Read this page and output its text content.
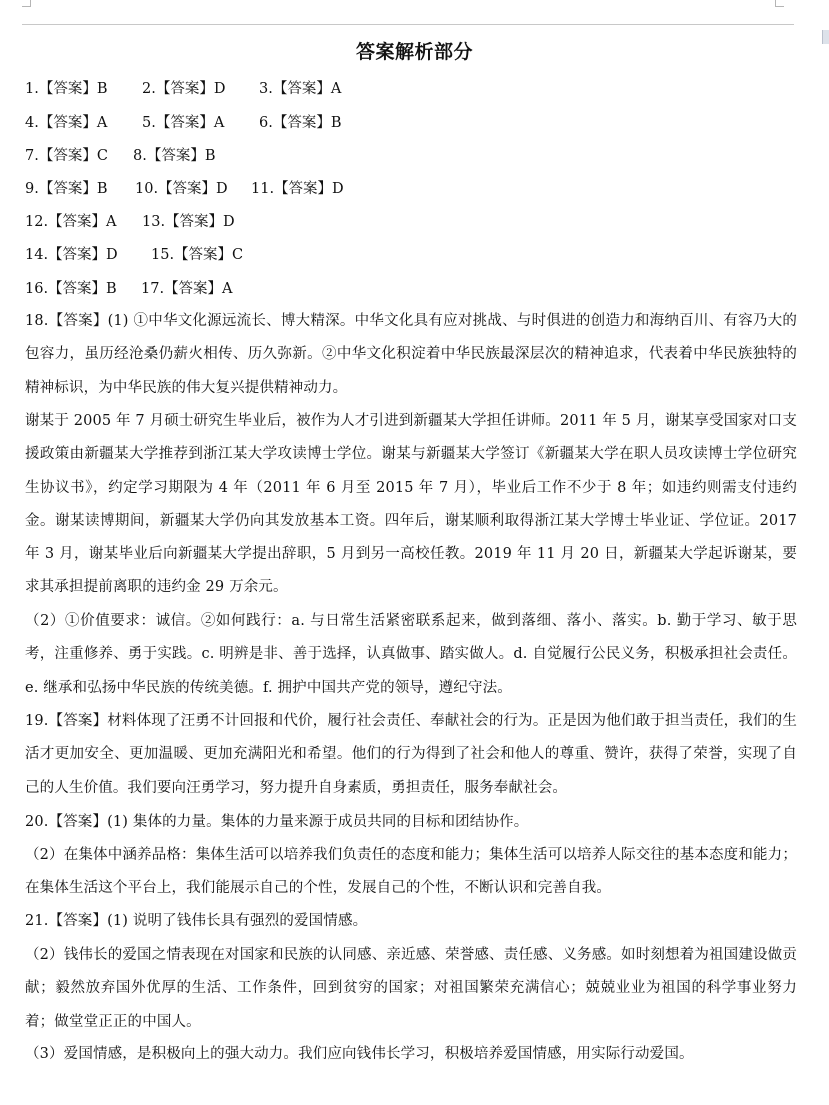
答案解析部分
1.【答案】B 2.【答案】D 3.【答案】A
4.【答案】A 5.【答案】A 6.【答案】B
7.【答案】C 8.【答案】B
9.【答案】B 10.【答案】D 11.【答案】D
12.【答案】A 13.【答案】D
14.【答案】D 15.【答案】C
16.【答案】B 17.【答案】A
18.【答案】(1) ①中华文化源远流长、博大精深。中华文化具有应对挑战、与时俱进的创造力和海纳百川、有容乃大的包容力，虽历经沧桑仍薪火相传、历久弥新。②中华文化积淀着中华民族最深层次的精神追求，代表着中华民族独特的精神标识，为中华民族的伟大复兴提供精神动力。
谢某于 2005 年 7 月硕士研究生毕业后，被作为人才引进到新疆某大学担任讲师。2011 年 5 月，谢某享受国家对口支援政策由新疆某大学推荐到浙江某大学攻读博士学位。谢某与新疆某大学签订《新疆某大学在职人员攻读博士学位研究生协议书》，约定学习期限为 4 年（2011 年 6 月至 2015 年 7 月），毕业后工作不少于 8 年；如违约则需支付违约金。谢某读博期间，新疆某大学仍向其发放基本工资。四年后，谢某顺利取得浙江某大学博士毕业证、学位证。2017 年 3 月，谢某毕业后向新疆某大学提出辞职，5 月到另一高校任教。2019 年 11 月 20 日，新疆某大学起诉谢某，要求其承担提前离职的违约金 29 万余元。
（2）①价值要求：诚信。②如何践行：a. 与日常生活紧密联系起来，做到落细、落小、落实。b. 勤于学习、敏于思考，注重修养、勇于实践。c. 明辨是非、善于选择，认真做事、踏实做人。d. 自觉履行公民义务，积极承担社会责任。e. 继承和弘扬中华民族的传统美德。f. 拥护中国共产党的领导，遵纪守法。
19.【答案】材料体现了汪勇不计回报和代价，履行社会责任、奉献社会的行为。正是因为他们敢于担当责任，我们的生活才更加安全、更加温暖、更加充满阳光和希望。他们的行为得到了社会和他人的尊重、赞许，获得了荣誉，实现了自己的人生价值。我们要向汪勇学习，努力提升自身素质，勇担责任，服务奉献社会。
20.【答案】(1) 集体的力量。集体的力量来源于成员共同的目标和团结协作。
（2）在集体中涵养品格：集体生活可以培养我们负责任的态度和能力；集体生活可以培养人际交往的基本态度和能力；在集体生活这个平台上，我们能展示自己的个性，发展自己的个性，不断认识和完善自我。
21.【答案】(1) 说明了钱伟长具有强烈的爱国情感。
（2）钱伟长的爱国之情表现在对国家和民族的认同感、亲近感、荣誉感、责任感、义务感。如时刻想着为祖国建设做贡献；毅然放弃国外优厚的生活、工作条件，回到贫穷的国家；对祖国繁荣充满信心；兢兢业业为祖国的科学事业努力着；做堂堂正正的中国人。
（3）爱国情感，是积极向上的强大动力。我们应向钱伟长学习，积极培养爱国情感，用实际行动爱国。
